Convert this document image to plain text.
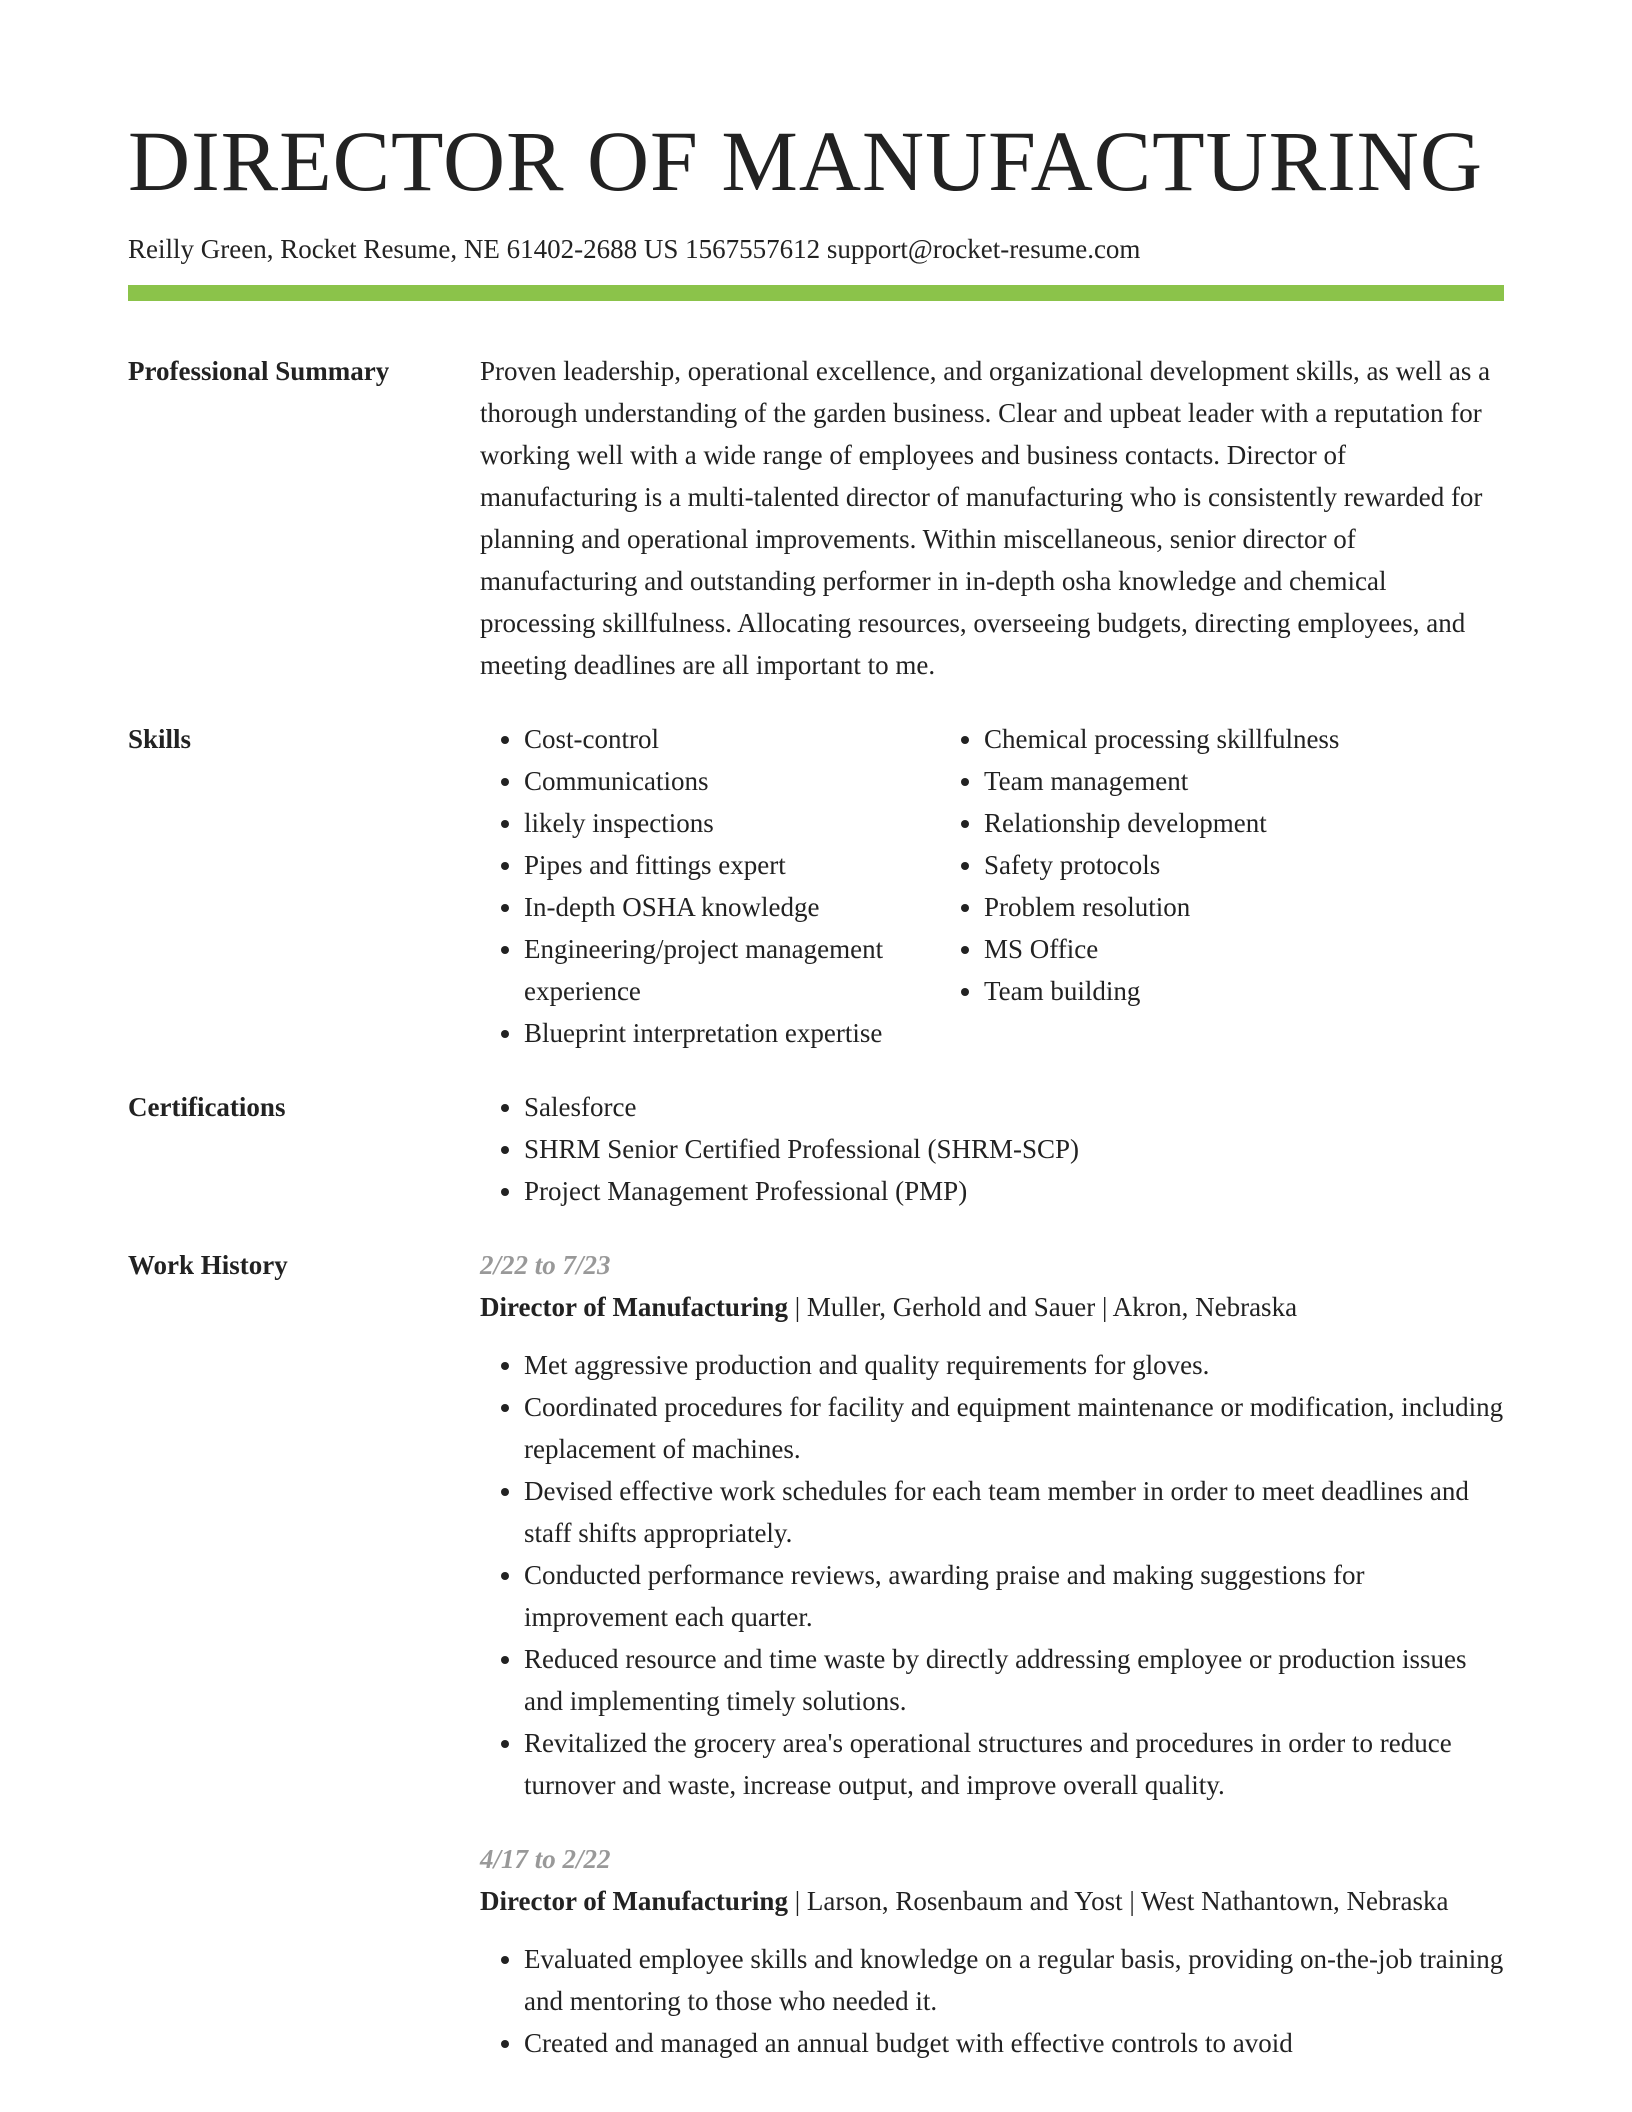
DIRECTOR OF MANUFACTURING
Reilly Green, Rocket Resume, NE 61402-2688 US 1567557612 support@rocket-resume.com
Professional Summary	Proven leadership, operational excellence, and organizational development skills, as well as a thorough understanding of the garden business. Clear and upbeat leader with a reputation for working well with a wide range of employees and business contacts. Director of manufacturing is a multi-talented director of manufacturing who is consistently rewarded for planning and operational improvements. Within miscellaneous, senior director of manufacturing and outstanding performer in in-depth osha knowledge and chemical processing skillfulness. Allocating resources, overseeing budgets, directing employees, and meeting deadlines are all important to me.

Skills	• Cost-control
• Communications
• likely inspections
• Pipes and fittings expert
• In-depth OSHA knowledge
• Engineering/project management experience
• Blueprint interpretation expertise
• Chemical processing skillfulness
• Team management
• Relationship development
• Safety protocols
• Problem resolution
• MS Office
• Team building
Certifications	• Salesforce
• SHRM Senior Certified Professional (SHRM-SCP)
• Project Management Professional (PMP)
Work History	2/22 to 7/23
Director of Manufacturing | Muller, Gerhold and Sauer | Akron, Nebraska
• Met aggressive production and quality requirements for gloves.
• Coordinated procedures for facility and equipment maintenance or modification, including replacement of machines.
• Devised effective work schedules for each team member in order to meet deadlines and staff shifts appropriately.
• Conducted performance reviews, awarding praise and making suggestions for improvement each quarter.
• Reduced resource and time waste by directly addressing employee or production issues and implementing timely solutions.
• Revitalized the grocery area's operational structures and procedures in order to reduce turnover and waste, increase output, and improve overall quality.
4/17 to 2/22
Director of Manufacturing | Larson, Rosenbaum and Yost | West Nathantown, Nebraska
• Evaluated employee skills and knowledge on a regular basis, providing on-the-job training and mentoring to those who needed it.
• Created and managed an annual budget with effective controls to avoid
